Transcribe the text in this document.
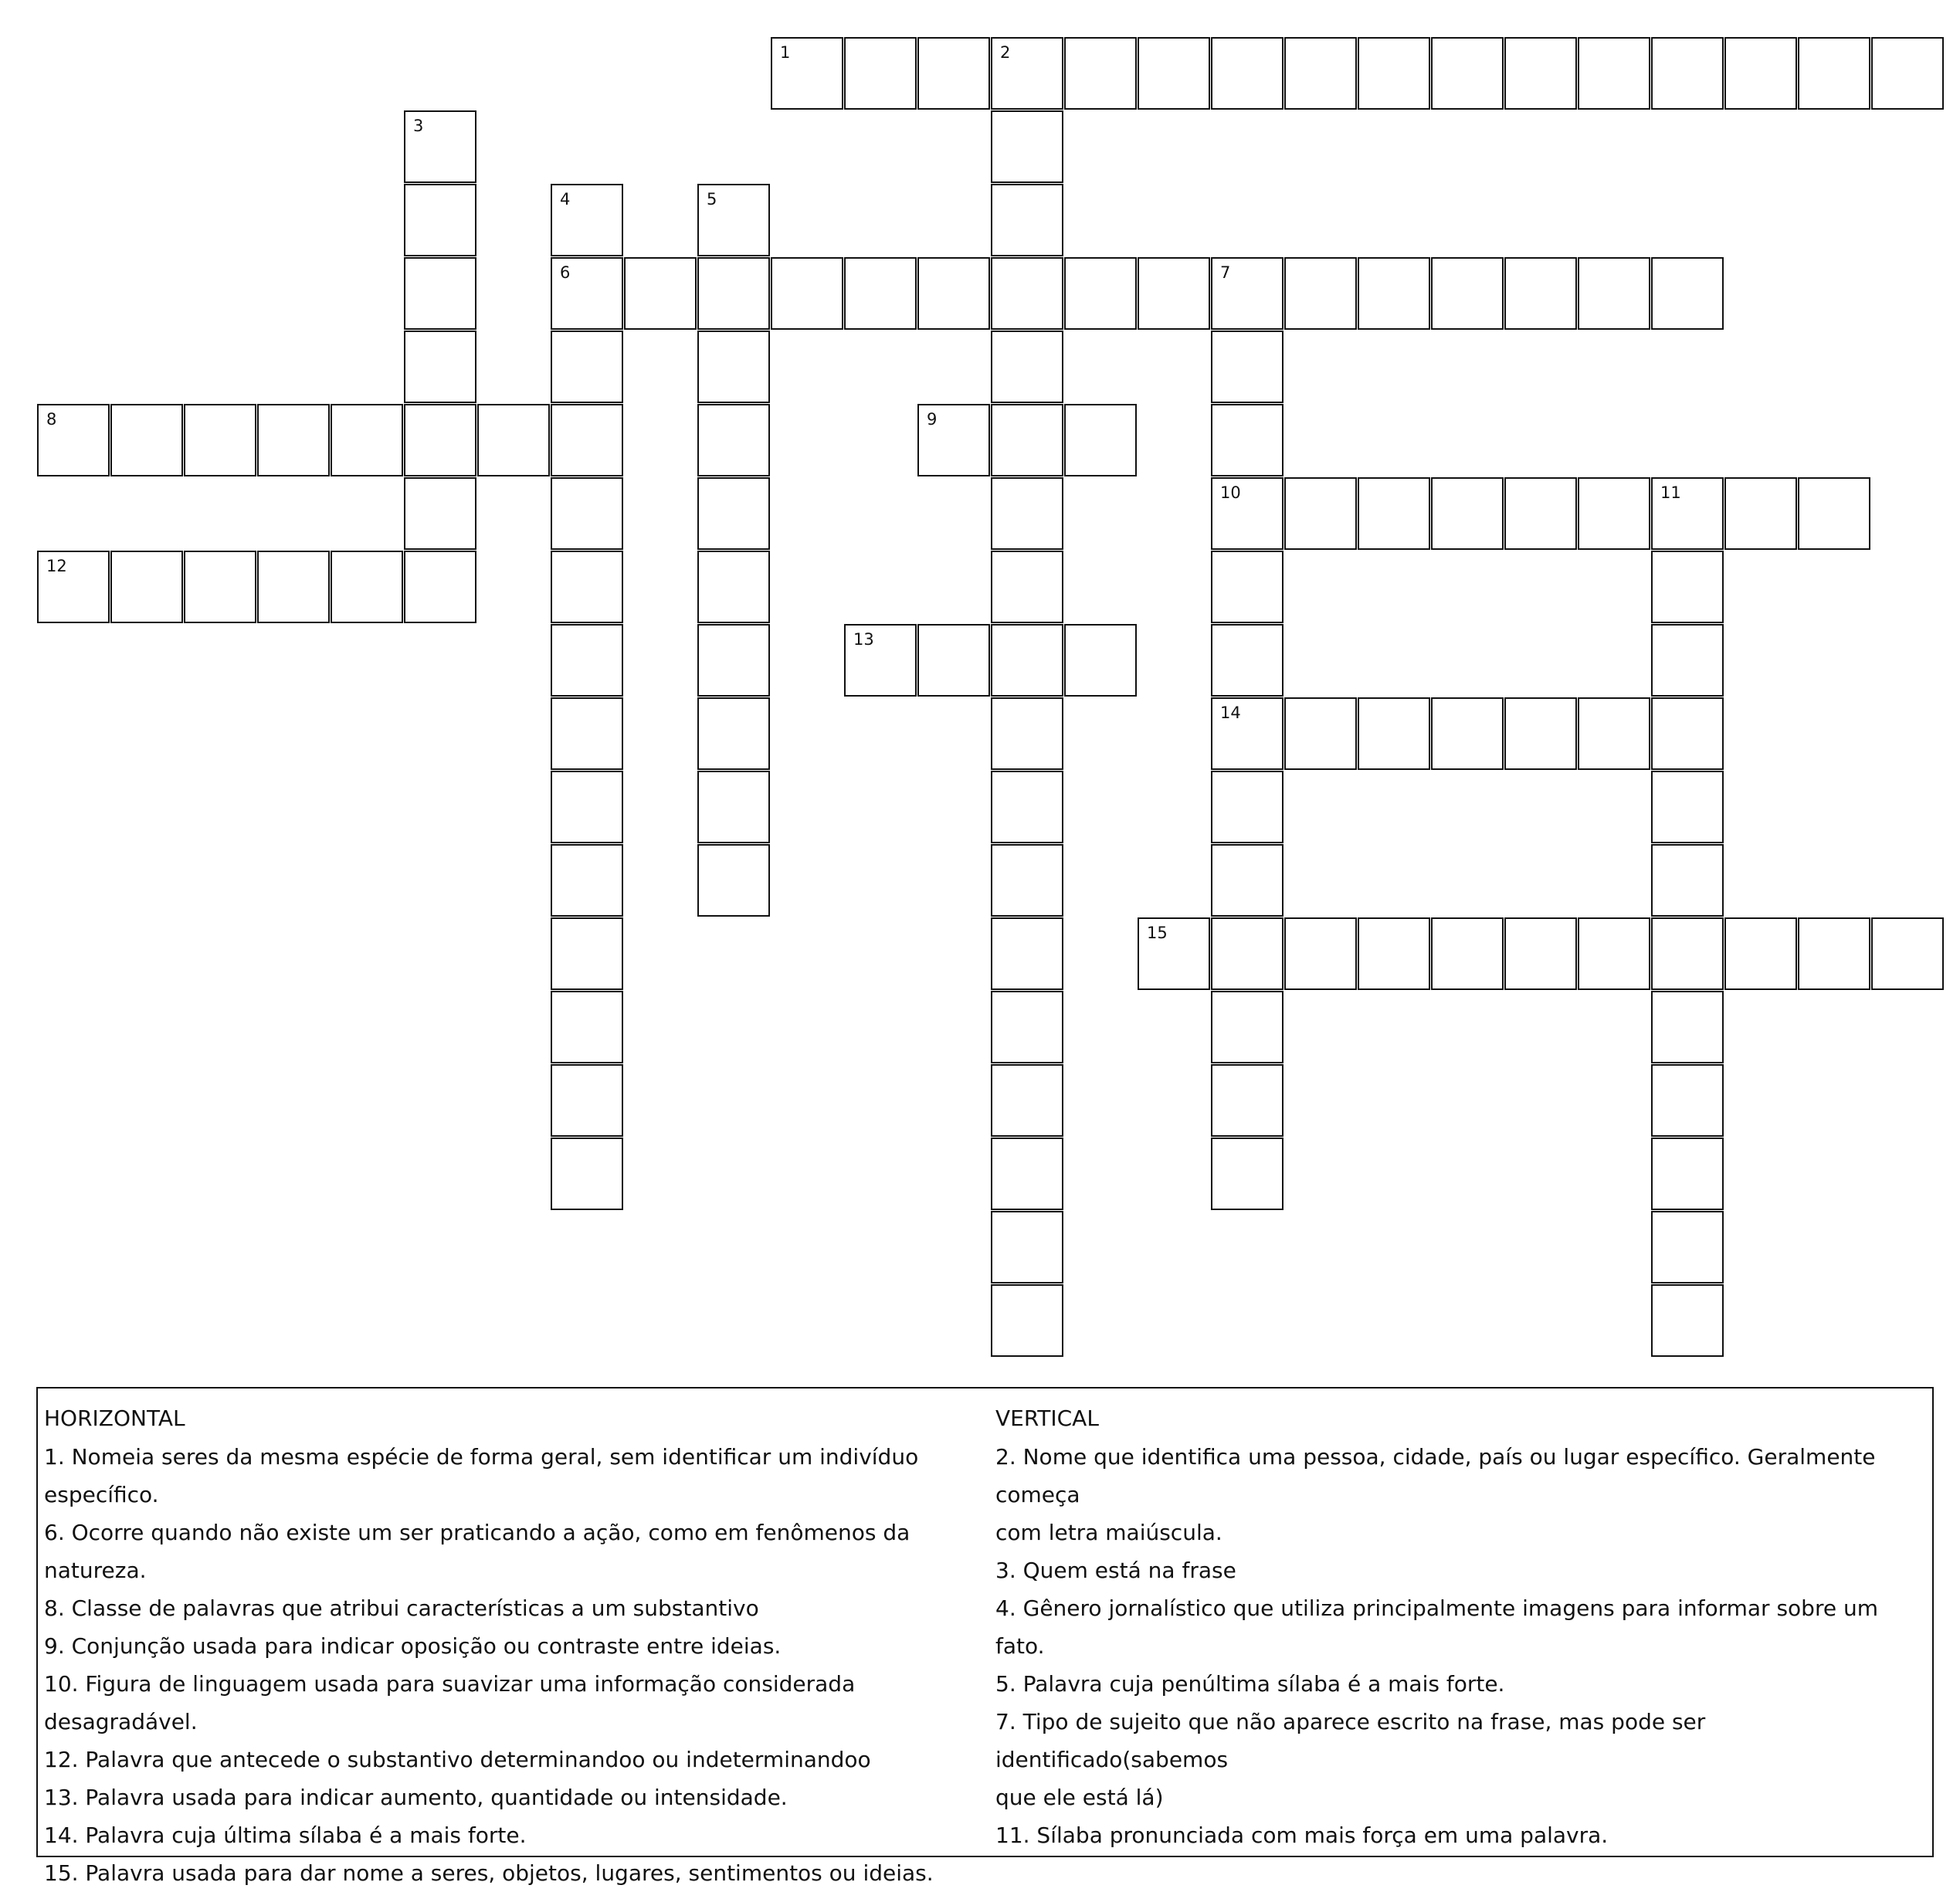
1	2
3
4
6
5
7
10
14
8	9
11
12
13
15

HORIZONTAL

1. Nomeia seres da mesma espécie de forma geral, sem identificar um indivíduo

específico.

6. Ocorre quando não existe um ser praticando a ação, como em fenômenos da natureza.

8. Classe de palavras que atribui características a um substantivo

9. Conjunção usada para indicar oposição ou contraste entre ideias.

10. Figura de linguagem usada para suavizar uma informação considerada desagradável.

12. Palavra que antecede o substantivo determinandoo ou indeterminandoo

13. Palavra usada para indicar aumento, quantidade ou intensidade.

14. Palavra cuja última sílaba é a mais forte.

15. Palavra usada para dar nome a seres, objetos, lugares, sentimentos ou ideias.

VERTICAL

2. Nome que identifica uma pessoa, cidade, país ou lugar específico. Geralmente começa

com letra maiúscula.

3. Quem está na frase

4. Gênero jornalístico que utiliza principalmente imagens para informar sobre um fato.

5. Palavra cuja penúltima sílaba é a mais forte.

7. Tipo de sujeito que não aparece escrito na frase, mas pode ser identificado(sabemos

que ele está lá)

11. Sílaba pronunciada com mais força em uma palavra.
